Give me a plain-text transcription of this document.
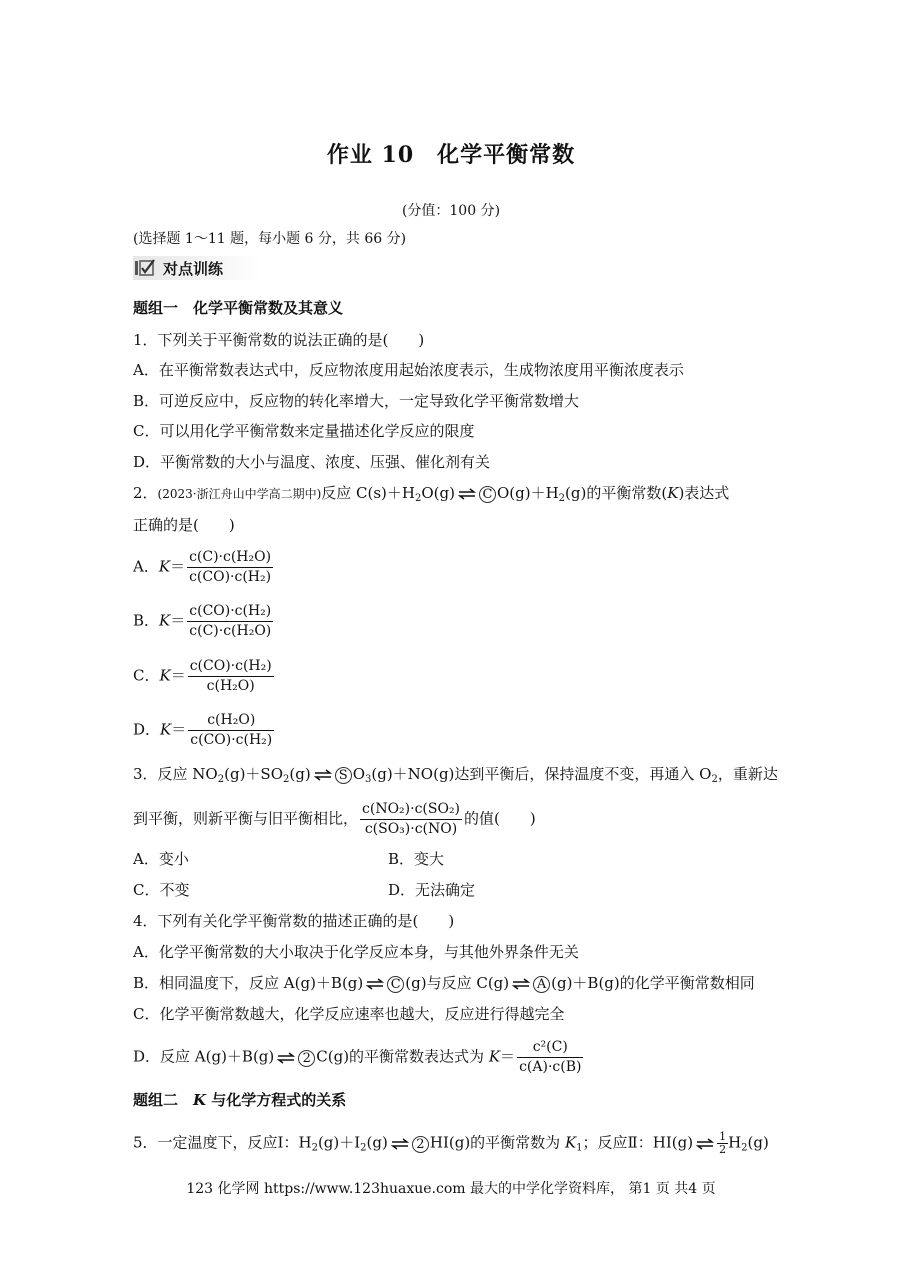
作业 10　化学平衡常数
(分值：100 分)
(选择题 1～11 题，每小题 6 分，共 66 分)
对点训练
题组一　化学平衡常数及其意义
1．下列关于平衡常数的说法正确的是(　　)
A．在平衡常数表达式中，反应物浓度用起始浓度表示，生成物浓度用平衡浓度表示
B．可逆反应中，反应物的转化率增大，一定导致化学平衡常数增大
C．可以用化学平衡常数来定量描述化学反应的限度
D．平衡常数的大小与温度、浓度、压强、催化剂有关
2．(2023·浙江舟山中学高二期中)反应 $C(s)+H_2O(g)$ ⇌ C $O(g)+H_2(g)$的平衡常数(K)表达式
正确的是(　　)
A．$K= \frac{\text{c(C)·c(H₂O)}}{\text{c(CO)·c(H₂)}}$
B．$K= \frac{\text{c(CO)·c(H₂)}}{\text{c(C)·c(H₂O)}}$
C．$K= \frac{\text{c(CO)·c(H₂)}}{\text{c(H₂O)}}$
D．$K= \frac{\text{c(H₂O)}}{\text{c(CO)·c(H₂)}}$
3．反应 $NO_2(g)+SO_2(g)$ ⇌ S $O_3(g)+NO(g)$达到平衡后，保持温度不变，再通入 $O_2$，重新达
到平衡，则新平衡与旧平衡相比， $\frac{\text{c(NO₂)·c(SO₂)}}{\text{c(SO₃)·c(NO)}}$ 的值(　　)
A．变小	B．变大
C．不变	D．无法确定
4．下列有关化学平衡常数的描述正确的是(　　)
A．化学平衡常数的大小取决于化学反应本身，与其他外界条件无关
B．相同温度下，反应 A(g)＋B(g) ⇌ C (g)与反应 C(g) ⇌ A (g)＋B(g)的化学平衡常数相同
C．化学平衡常数越大，化学反应速率也越大，反应进行得越完全
D．反应 A(g)＋B(g) ⇌ 2 C(g)的平衡常数表达式为 $K= \frac{\text{c²(C)}}{c(A)\cdot c(B)}$
题组二　K 与化学方程式的关系
5．一定温度下，反应Ⅰ：$H_2(g)+I_2(g)$ ⇌ 2 HI(g)的平衡常数为 $K_1$；反应Ⅱ：HI(g) ⇌ $\frac{1}{2} H_2(g)$
123 化学网 https://www.123huaxue.com 最大的中学化学资料库， 第1 页 共4 页
